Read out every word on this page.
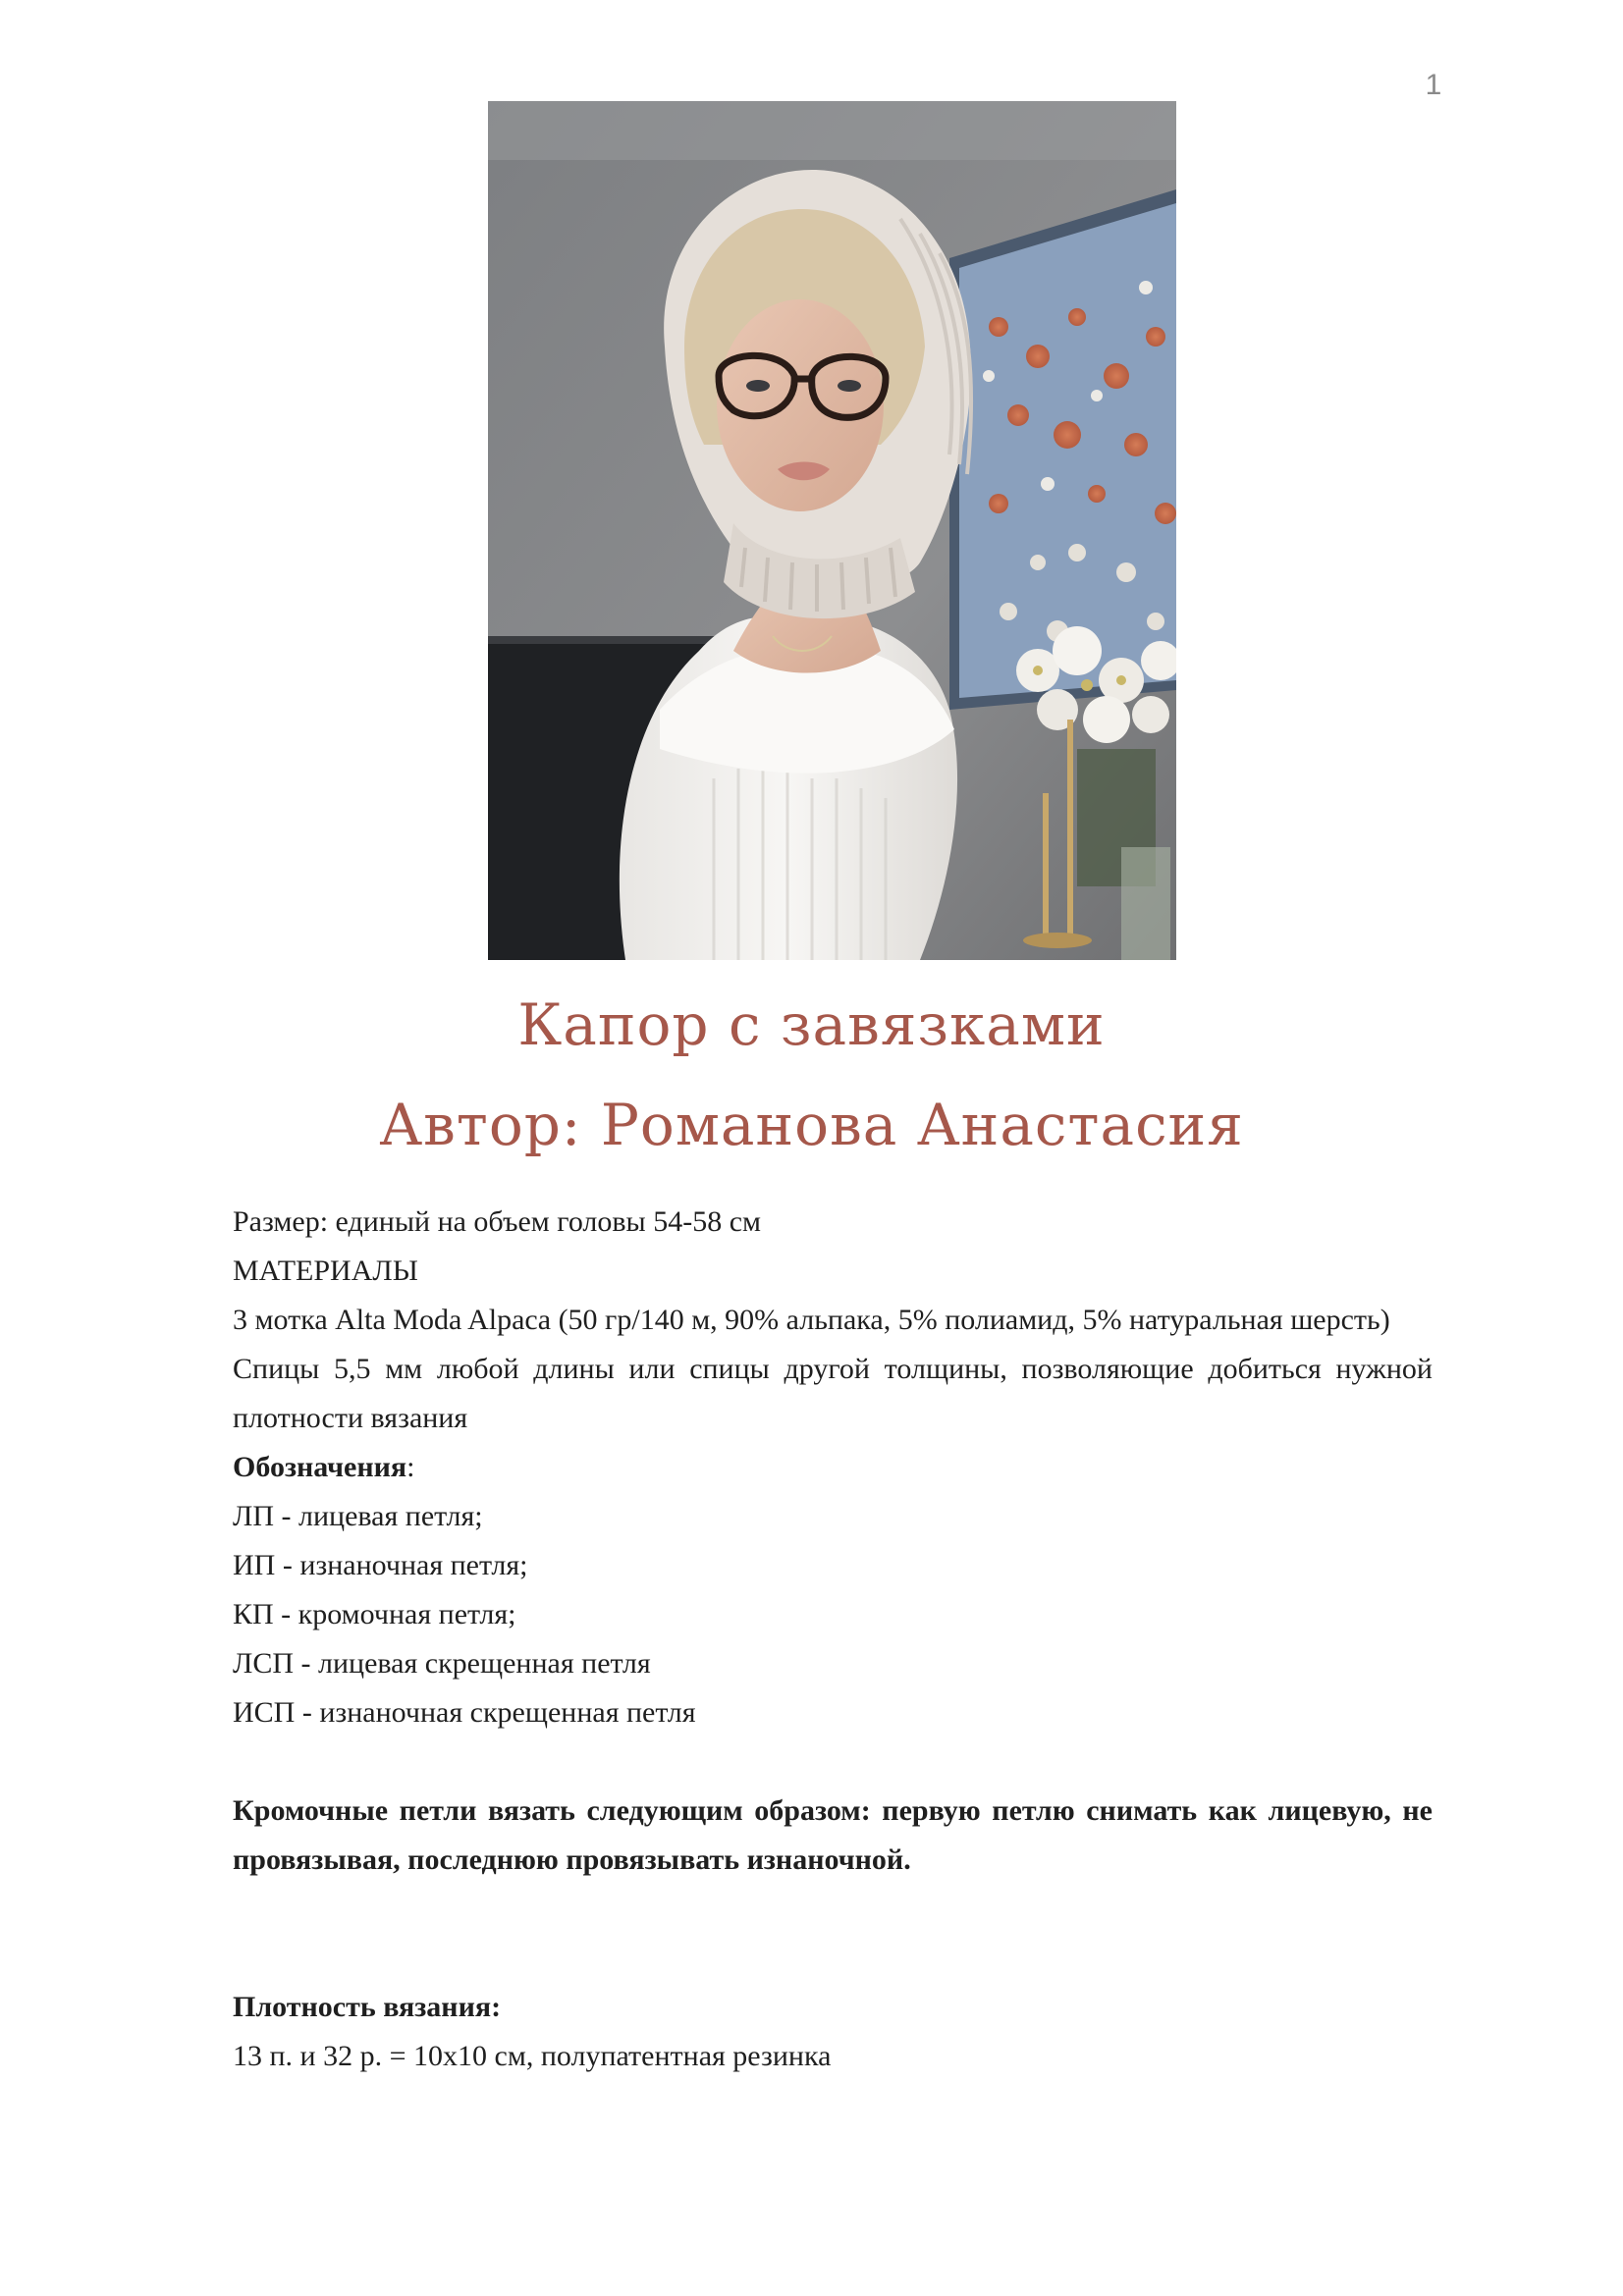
1
Капор с завязками
Автор: Романова Анастасия

Размер: единый на объем головы 54-58 см

МАТЕРИАЛЫ

3 мотка Alta Moda Alpaca (50 гр/140 м, 90% альпака, 5% полиамид, 5% натуральная шерсть)

Спицы 5,5 мм любой длины или спицы другой толщины, позволяющие добиться нужной плотности вязания

Обозначения:

ЛП - лицевая петля;

ИП - изнаночная петля;

КП - кромочная петля;

ЛСП - лицевая скрещенная петля

ИСП - изнаночная скрещенная петля

Кромочные петли вязать следующим образом: первую петлю снимать как лицевую, не провязывая, последнюю провязывать изнаночной.

Плотность вязания:

13 п. и 32 р. = 10х10 см, полупатентная резинка
